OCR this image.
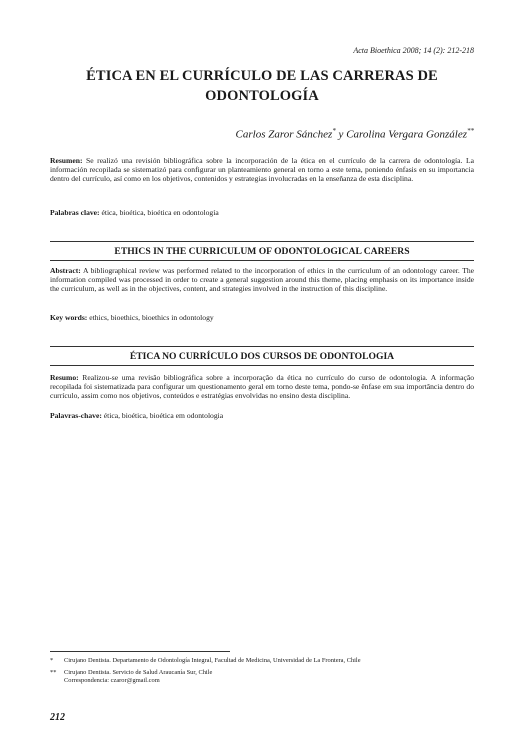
Acta Bioethica 2008; 14 (2): 212-218
ÉTICA EN EL CURRÍCULO DE LAS CARRERAS DE
ODONTOLOGÍA
Carlos Zaror Sánchez* y Carolina Vergara González**
Resumen: Se realizó una revisión bibliográfica sobre la incorporación de la ética en el currículo de la carrera de odontología. La información recopilada se sistematizó para configurar un planteamiento general en torno a este tema, poniendo énfasis en su importancia dentro del currículo, así como en los objetivos, contenidos y estrategias involucradas en la enseñanza de esta disciplina.
Palabras clave: ética, bioética, bioética en odontología
ETHICS IN THE CURRICULUM OF ODONTOLOGICAL CAREERS
Abstract: A bibliographical review was performed related to the incorporation of ethics in the curriculum of an odontology career. The information compiled was processed in order to create a general suggestion around this theme, placing emphasis on its importance inside the curriculum, as well as in the objectives, content, and strategies involved in the instruction of this discipline.
Key words: ethics, bioethics, bioethics in odontology
ÉTICA NO CURRÍCULO DOS CURSOS DE ODONTOLOGIA
Resumo: Realizou-se uma revisão bibliográfica sobre a incorporação da ética no currículo do curso de odontologia. A informação recopilada foi sistematizada para configurar um questionamento geral em torno deste tema, pondo-se ênfase em sua importância dentro do currículo, assim como nos objetivos, conteúdos e estratégias envolvidas no ensino desta disciplina.
Palavras-chave: ética, bioética, bioética em odontologia
* Cirujano Dentista. Departamento de Odontología Integral, Facultad de Medicina, Universidad de La Frontera, Chile
** Cirujano Dentista. Servicio de Salud Araucanía Sur, Chile
Correspondencia: czaror@gmail.com
212
